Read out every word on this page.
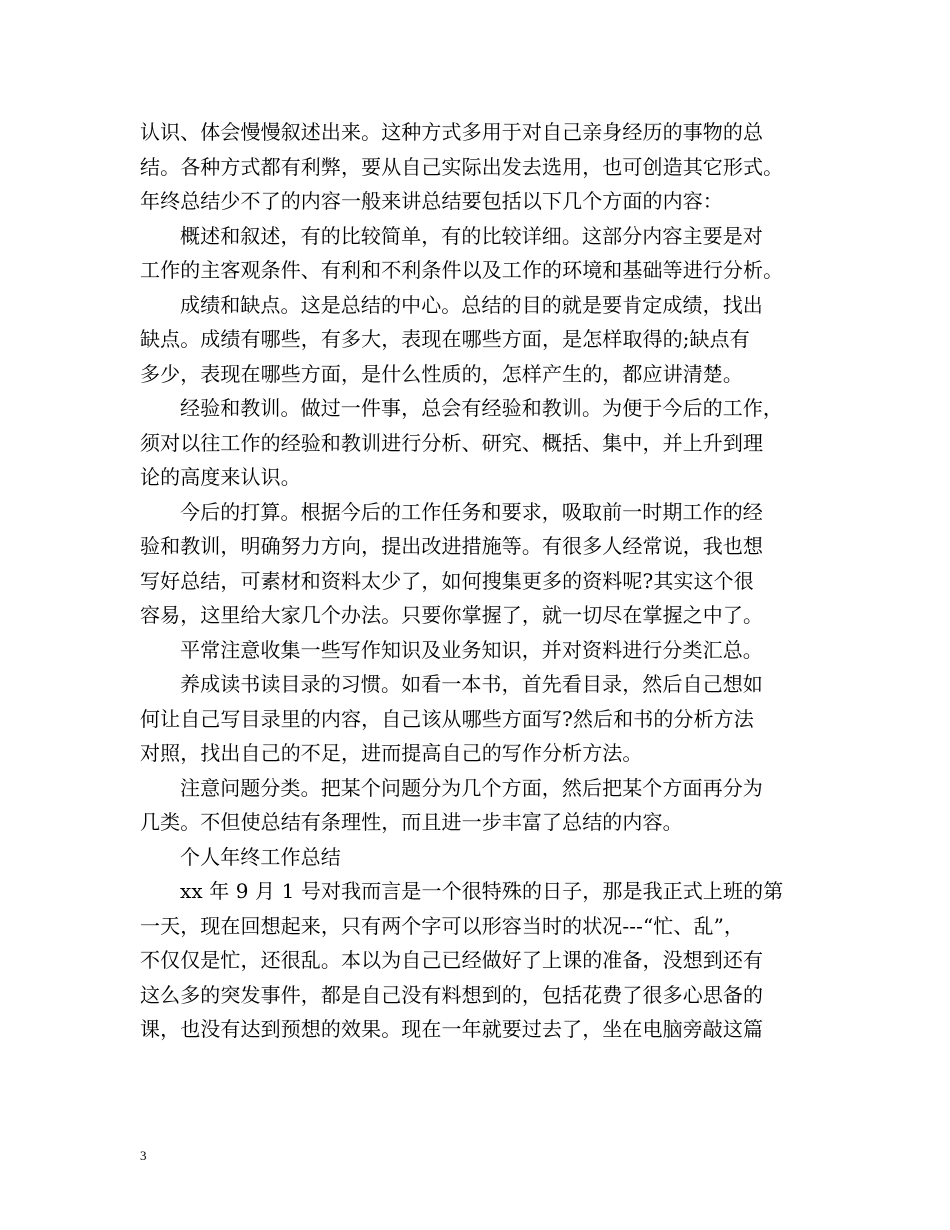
认识、体会慢慢叙述出来。这种方式多用于对自己亲身经历的事物的总
结。各种方式都有利弊，要从自己实际出发去选用，也可创造其它形式。
年终总结少不了的内容一般来讲总结要包括以下几个方面的内容：
概述和叙述，有的比较简单，有的比较详细。这部分内容主要是对
工作的主客观条件、有利和不利条件以及工作的环境和基础等进行分析。
成绩和缺点。这是总结的中心。总结的目的就是要肯定成绩，找出
缺点。成绩有哪些，有多大，表现在哪些方面，是怎样取得的;缺点有
多少，表现在哪些方面，是什么性质的，怎样产生的，都应讲清楚。
经验和教训。做过一件事，总会有经验和教训。为便于今后的工作，
须对以往工作的经验和教训进行分析、研究、概括、集中，并上升到理
论的高度来认识。
今后的打算。根据今后的工作任务和要求，吸取前一时期工作的经
验和教训，明确努力方向，提出改进措施等。有很多人经常说，我也想
写好总结，可素材和资料太少了，如何搜集更多的资料呢?其实这个很
容易，这里给大家几个办法。只要你掌握了，就一切尽在掌握之中了。
平常注意收集一些写作知识及业务知识，并对资料进行分类汇总。
养成读书读目录的习惯。如看一本书，首先看目录，然后自己想如
何让自己写目录里的内容，自己该从哪些方面写?然后和书的分析方法
对照，找出自己的不足，进而提高自己的写作分析方法。
注意问题分类。把某个问题分为几个方面，然后把某个方面再分为
几类。不但使总结有条理性，而且进一步丰富了总结的内容。
个人年终工作总结
xx 年 9 月 1 号对我而言是一个很特殊的日子，那是我正式上班的第
一天，现在回想起来，只有两个字可以形容当时的状况---“忙、乱”，
不仅仅是忙，还很乱。本以为自己已经做好了上课的准备，没想到还有
这么多的突发事件，都是自己没有料想到的，包括花费了很多心思备的
课，也没有达到预想的效果。现在一年就要过去了，坐在电脑旁敲这篇
3
